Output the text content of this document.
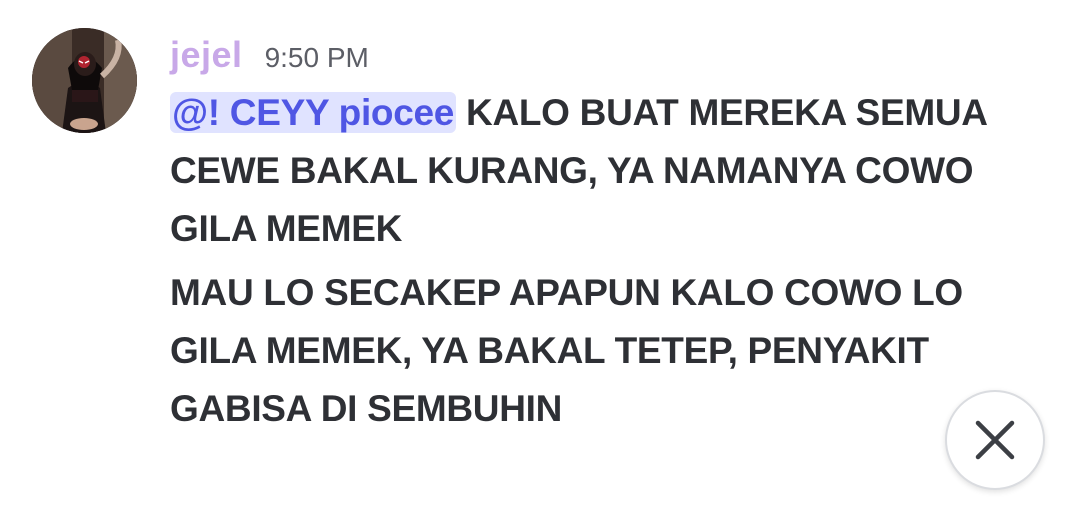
jejel 9:50 PM

@! CEYY piocee KALO BUAT MEREKA SEMUA CEWE BAKAL KURANG, YA NAMANYA COWO GILA MEMEK

MAU LO SECAKEP APAPUN KALO COWO LO GILA MEMEK, YA BAKAL TETEP, PENYAKIT GABISA DI SEMBUHIN
